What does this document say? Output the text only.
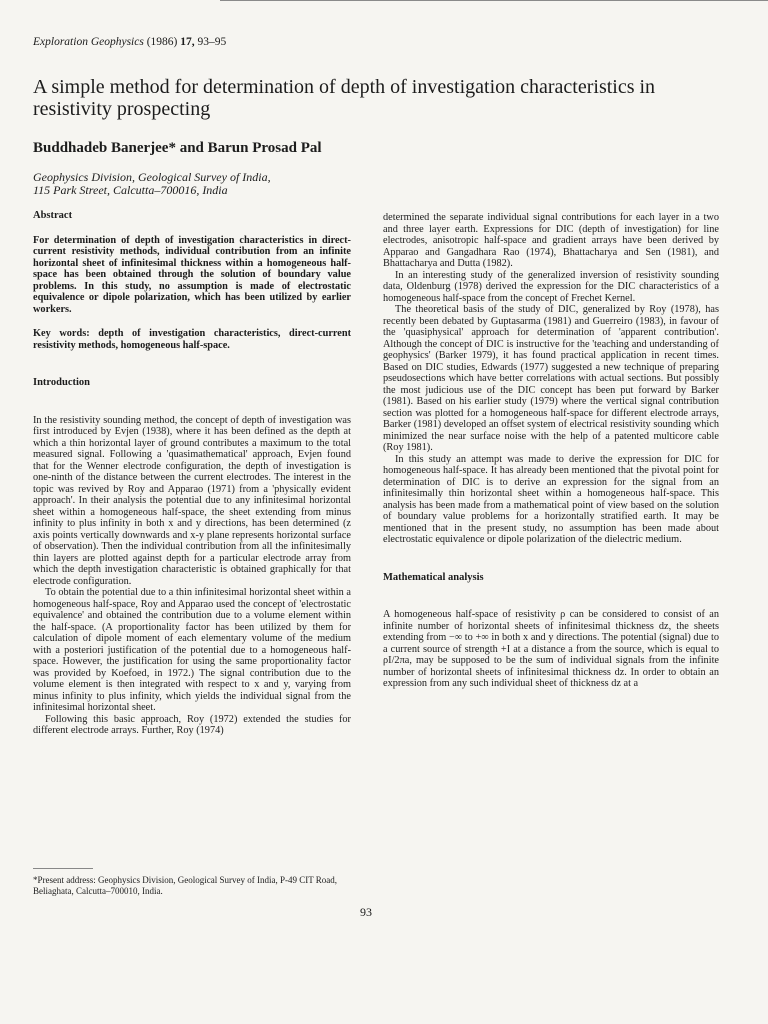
Exploration Geophysics (1986) 17, 93–95
A simple method for determination of depth of investigation characteristics in resistivity prospecting
Buddhadeb Banerjee* and Barun Prosad Pal
Geophysics Division, Geological Survey of India,
115 Park Street, Calcutta–700016, India

Abstract

For determination of depth of investigation characteristics in direct-current resistivity methods, individual contribution from an infinite horizontal sheet of infinitesimal thickness within a homogeneous half-space has been obtained through the solution of boundary value problems. In this study, no assumption is made of electrostatic equivalence or dipole polarization, which has been utilized by earlier workers.

Key words: depth of investigation characteristics, direct-current resistivity methods, homogeneous half-space.

Introduction

In the resistivity sounding method, the concept of depth of investigation was first introduced by Evjen (1938), where it has been defined as the depth at which a thin horizontal layer of ground contributes a maximum to the total measured signal. Following a 'quasimathematical' approach, Evjen found that for the Wenner electrode configuration, the depth of investigation is one-ninth of the distance between the current electrodes. The interest in the topic was revived by Roy and Apparao (1971) from a 'physically evident approach'. In their analysis the potential due to any infinitesimal horizontal sheet within a homogeneous half-space, the sheet extending from minus infinity to plus infinity in both x and y directions, has been determined (z axis points vertically downwards and x-y plane represents horizontal surface of observation). Then the individual contribution from all the infinitesimally thin layers are plotted against depth for a particular electrode array from which the depth investigation characteristic is obtained graphically for that electrode configuration.

To obtain the potential due to a thin infinitesimal horizontal sheet within a homogeneous half-space, Roy and Apparao used the concept of 'electrostatic equivalence' and obtained the contribution due to a volume element within the half-space. (A proportionality factor has been utilized by them for calculation of dipole moment of each elementary volume of the medium with a posteriori justification of the potential due to a homogeneous half-space. However, the justification for using the same proportionality factor was provided by Koefoed, in 1972.) The signal contribution due to the volume element is then integrated with respect to x and y, varying from minus infinity to plus infinity, which yields the individual signal from the infinitesimal horizontal sheet.

Following this basic approach, Roy (1972) extended the studies for different electrode arrays. Further, Roy (1974)

*Present address: Geophysics Division, Geological Survey of India, P-49 CIT Road, Beliaghata, Calcutta–700010, India.

determined the separate individual signal contributions for each layer in a two and three layer earth. Expressions for DIC (depth of investigation) for line electrodes, anisotropic half-space and gradient arrays have been derived by Apparao and Gangadhara Rao (1974), Bhattacharya and Sen (1981), and Bhattacharya and Dutta (1982).

In an interesting study of the generalized inversion of resistivity sounding data, Oldenburg (1978) derived the expression for the DIC characteristics of a homogeneous half-space from the concept of Frechet Kernel.

The theoretical basis of the study of DIC, generalized by Roy (1978), has recently been debated by Guptasarma (1981) and Guerreiro (1983), in favour of the 'quasiphysical' approach for determination of 'apparent contribution'. Although the concept of DIC is instructive for the 'teaching and understanding of geophysics' (Barker 1979), it has found practical application in recent times. Based on DIC studies, Edwards (1977) suggested a new technique of preparing pseudosections which have better correlations with actual sections. But possibly the most judicious use of the DIC concept has been put forward by Barker (1981). Based on his earlier study (1979) where the vertical signal contribution section was plotted for a homogeneous half-space for different electrode arrays, Barker (1981) developed an offset system of electrical resistivity sounding which minimized the near surface noise with the help of a patented multicore cable (Roy 1981).

In this study an attempt was made to derive the expression for DIC for homogeneous half-space. It has already been mentioned that the pivotal point for determination of DIC is to derive an expression for the signal from an infinitesimally thin horizontal sheet within a homogeneous half-space. This analysis has been made from a mathematical point of view based on the solution of boundary value problems for a horizontally stratified earth. It may be mentioned that in the present study, no assumption has been made about electrostatic equivalence or dipole polarization of the dielectric medium.

Mathematical analysis

A homogeneous half-space of resistivity ρ can be considered to consist of an infinite number of horizontal sheets of infinitesimal thickness dz, the sheets extending from −∞ to +∞ in both x and y directions. The potential (signal) due to a current source of strength +I at a distance a from the source, which is equal to ρI/2πa, may be supposed to be the sum of individual signals from the infinite number of horizontal sheets of infinitesimal thickness dz. In order to obtain an expression from any such individual sheet of thickness dz at a

93
